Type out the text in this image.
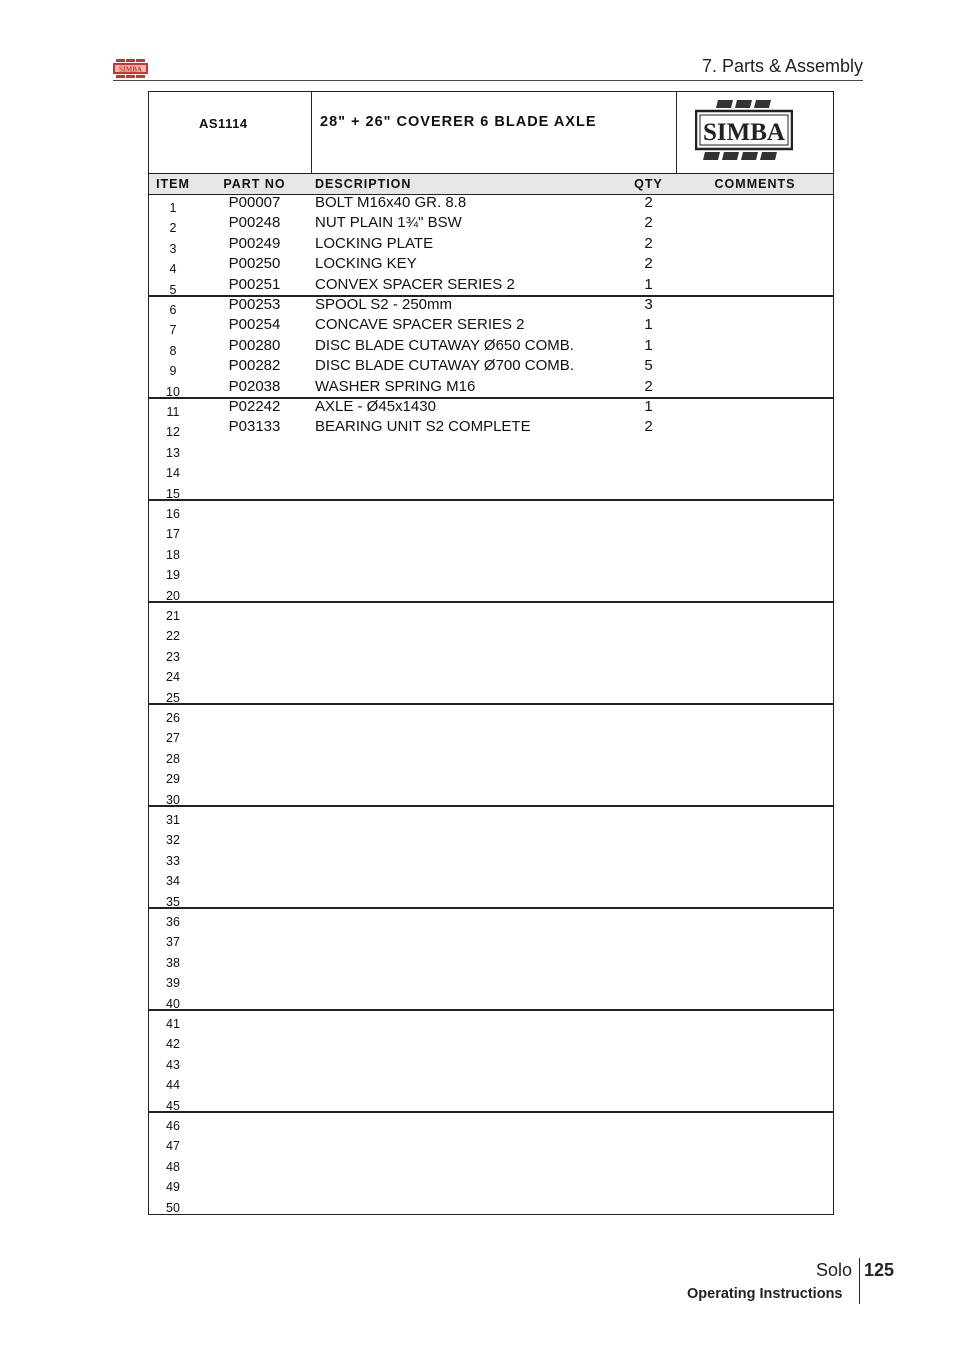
SIMBA	7. Parts & Assembly
AS1114	28" + 26" COVERER 6 BLADE AXLE	SIMBA
ITEM	PART NO	DESCRIPTION	QTY	COMMENTS
1	P00007	BOLT M16x40 GR. 8.8	2
2	P00248	NUT PLAIN 1¾" BSW	2
3	P00249	LOCKING PLATE	2
4	P00250	LOCKING KEY	2
5	P00251	CONVEX SPACER SERIES 2	1
6	P00253	SPOOL S2 - 250mm	3
7	P00254	CONCAVE SPACER SERIES 2	1
8	P00280	DISC BLADE CUTAWAY Ø650 COMB.	1
9	P00282	DISC BLADE CUTAWAY Ø700 COMB.	5
10	P02038	WASHER SPRING M16	2
11	P02242	AXLE - Ø45x1430	1
12	P03133	BEARING UNIT S2 COMPLETE	2
13
14
15
16
17
18
19
20
21
22
23
24
25
26
27
28
29
30
31
32
33
34
35
36
37
38
39
40
41
42
43
44
45
46
47
48
49
50
Solo 125
Operating Instructions
